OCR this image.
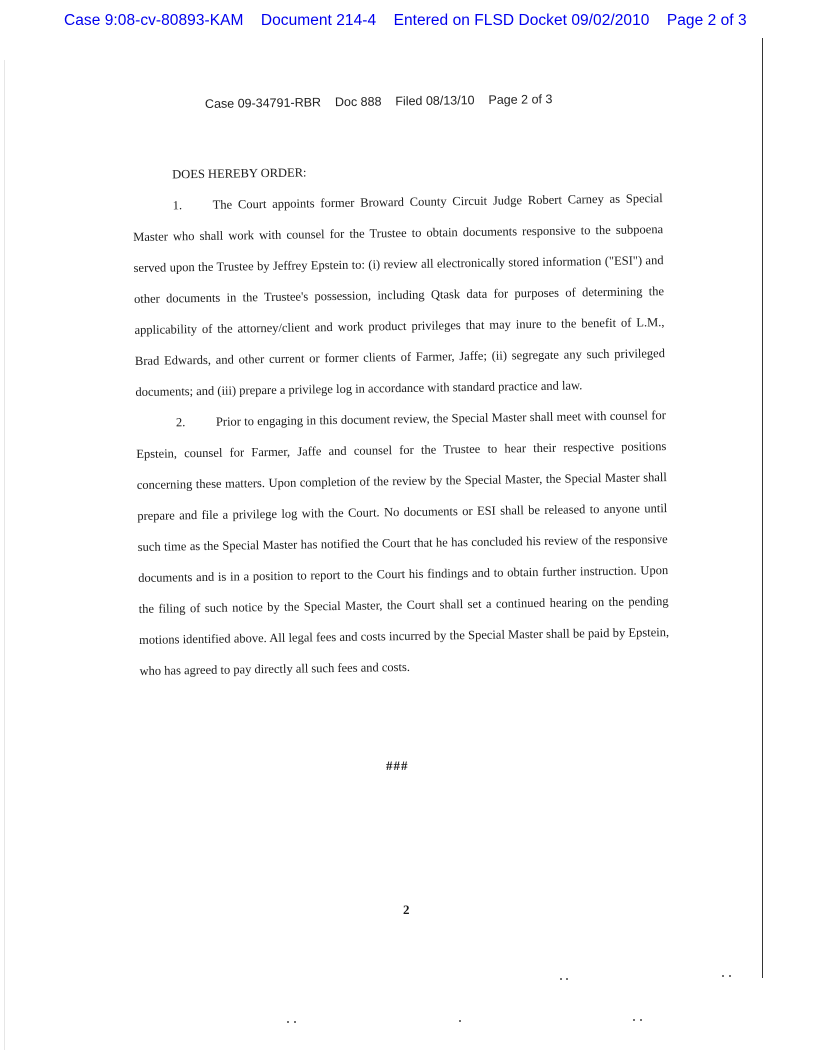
Case 9:08-cv-80893-KAM    Document 214-4    Entered on FLSD Docket 09/02/2010    Page 2 of 3
Case 09-34791-RBR    Doc 888    Filed 08/13/10    Page 2 of 3

DOES HEREBY ORDER:

1. The Court appoints former Broward County Circuit Judge Robert Carney as Special Master who shall work with counsel for the Trustee to obtain documents responsive to the subpoena served upon the Trustee by Jeffrey Epstein to: (i) review all electronically stored information ("ESI") and other documents in the Trustee's possession, including Qtask data for purposes of determining the applicability of the attorney/client and work product privileges that may inure to the benefit of L.M., Brad Edwards, and other current or former clients of Farmer, Jaffe; (ii) segregate any such privileged documents; and (iii) prepare a privilege log in accordance with standard practice and law.

2. Prior to engaging in this document review, the Special Master shall meet with counsel for Epstein, counsel for Farmer, Jaffe and counsel for the Trustee to hear their respective positions concerning these matters. Upon completion of the review by the Special Master, the Special Master shall prepare and file a privilege log with the Court. No documents or ESI shall be released to anyone until such time as the Special Master has notified the Court that he has concluded his review of the responsive documents and is in a position to report to the Court his findings and to obtain further instruction. Upon the filing of such notice by the Special Master, the Court shall set a continued hearing on the pending motions identified above. All legal fees and costs incurred by the Special Master shall be paid by Epstein, who has agreed to pay directly all such fees and costs.

###
2
